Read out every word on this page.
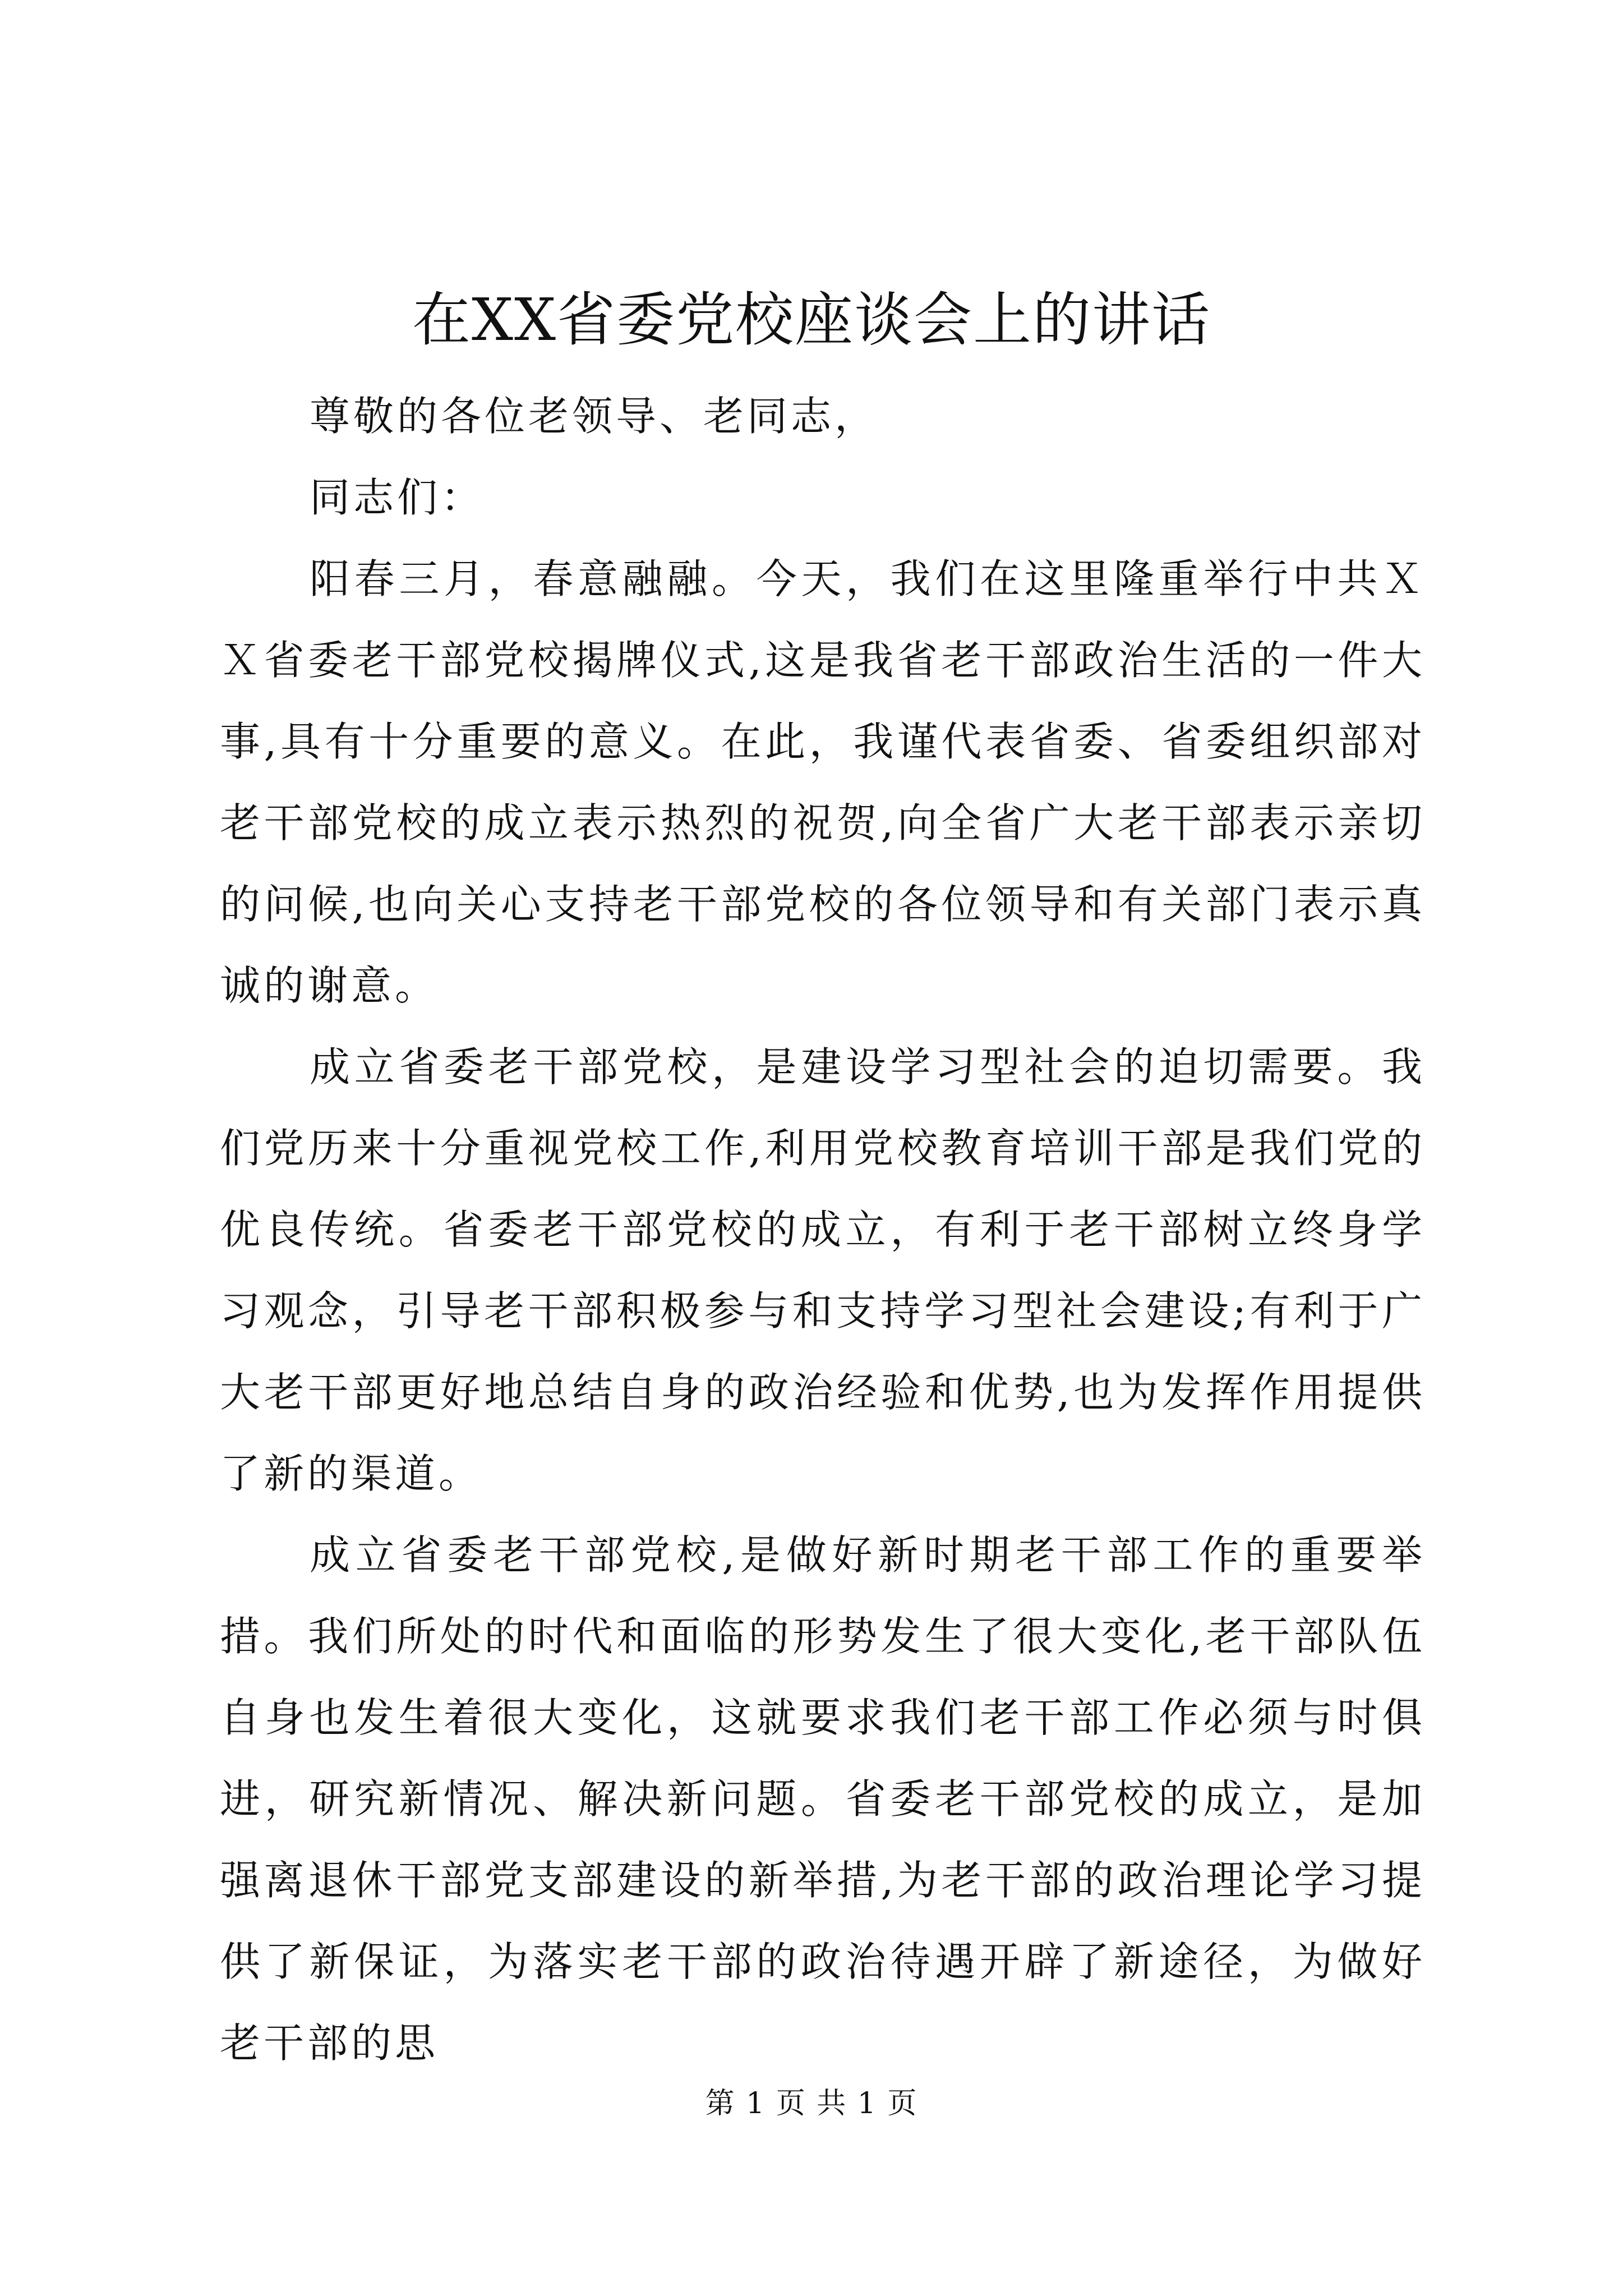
在XX省委党校座谈会上的讲话

尊敬的各位老领导、老同志，

同志们：

阳春三月，春意融融。今天，我们在这里隆重举行中共ＸＸ省委老干部党校揭牌仪式,这是我省老干部政治生活的一件大事,具有十分重要的意义。在此，我谨代表省委、省委组织部对老干部党校的成立表示热烈的祝贺,向全省广大老干部表示亲切的问候,也向关心支持老干部党校的各位领导和有关部门表示真诚的谢意。

成立省委老干部党校，是建设学习型社会的迫切需要。我们党历来十分重视党校工作,利用党校教育培训干部是我们党的优良传统。省委老干部党校的成立，有利于老干部树立终身学习观念，引导老干部积极参与和支持学习型社会建设;有利于广大老干部更好地总结自身的政治经验和优势,也为发挥作用提供了新的渠道。

成立省委老干部党校,是做好新时期老干部工作的重要举措。我们所处的时代和面临的形势发生了很大变化,老干部队伍自身也发生着很大变化，这就要求我们老干部工作必须与时俱进，研究新情况、解决新问题。省委老干部党校的成立，是加强离退休干部党支部建设的新举措,为老干部的政治理论学习提供了新保证，为落实老干部的政治待遇开辟了新途径，为做好老干部的思

第 1 页 共 1 页
